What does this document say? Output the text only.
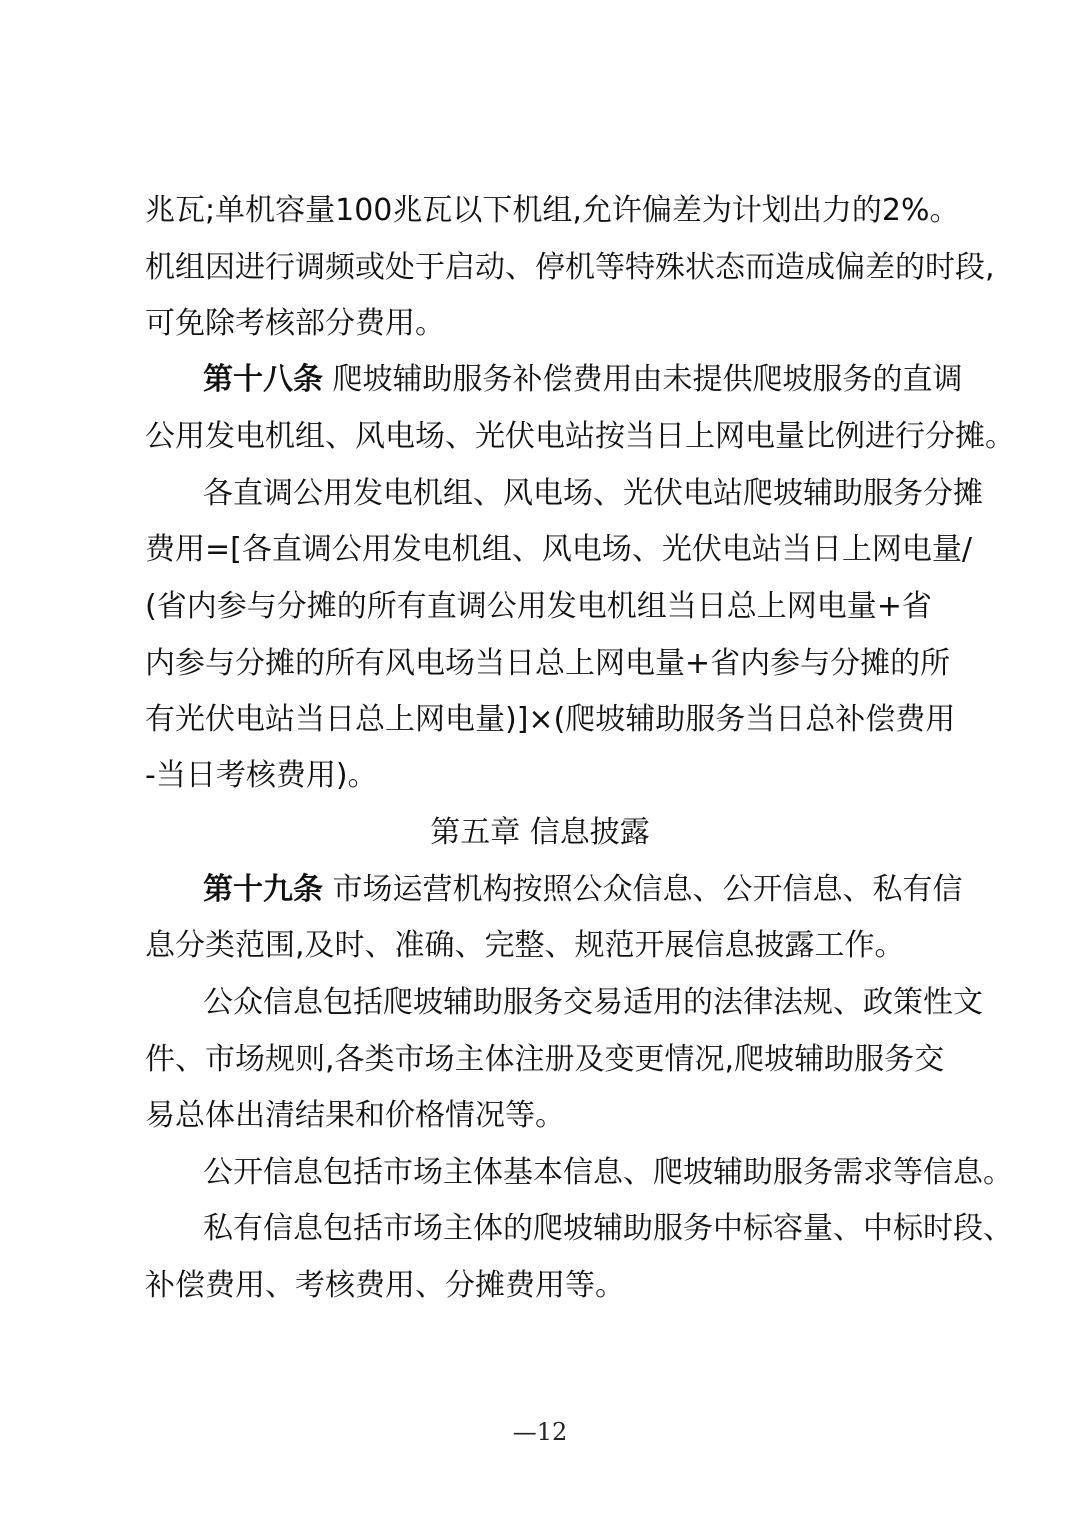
兆瓦;单机容量100兆瓦以下机组,允许偏差为计划出力的2%。
机组因进行调频或处于启动、停机等特殊状态而造成偏差的时段,
可免除考核部分费用。
第十八条 爬坡辅助服务补偿费用由未提供爬坡服务的直调
公用发电机组、风电场、光伏电站按当日上网电量比例进行分摊。
各直调公用发电机组、风电场、光伏电站爬坡辅助服务分摊
费用=[各直调公用发电机组、风电场、光伏电站当日上网电量/
(省内参与分摊的所有直调公用发电机组当日总上网电量+省
内参与分摊的所有风电场当日总上网电量+省内参与分摊的所
有光伏电站当日总上网电量)]×(爬坡辅助服务当日总补偿费用
-当日考核费用)。
第五章 信息披露
第十九条 市场运营机构按照公众信息、公开信息、私有信
息分类范围,及时、准确、完整、规范开展信息披露工作。
公众信息包括爬坡辅助服务交易适用的法律法规、政策性文
件、市场规则,各类市场主体注册及变更情况,爬坡辅助服务交
易总体出清结果和价格情况等。
公开信息包括市场主体基本信息、爬坡辅助服务需求等信息。
私有信息包括市场主体的爬坡辅助服务中标容量、中标时段、
补偿费用、考核费用、分摊费用等。
—12
